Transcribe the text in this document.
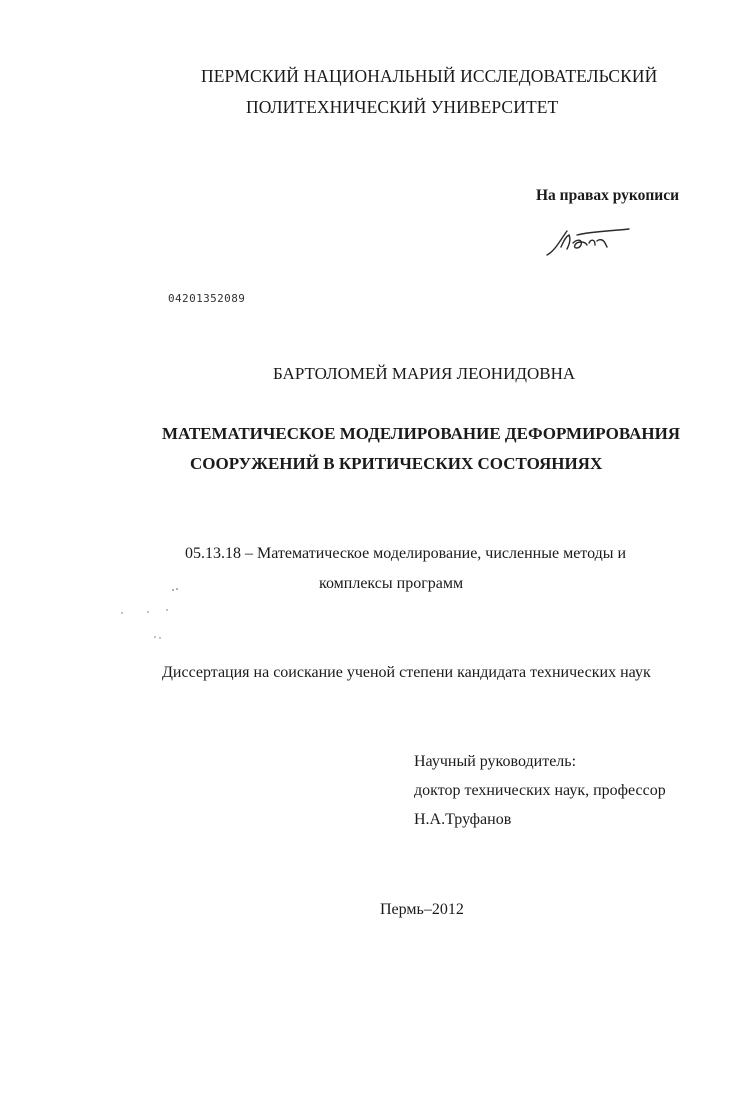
ПЕРМСКИЙ НАЦИОНАЛЬНЫЙ ИССЛЕДОВАТЕЛЬСКИЙ
ПОЛИТЕХНИЧЕСКИЙ УНИВЕРСИТЕТ
На правах рукописи
04201352089
БАРТОЛОМЕЙ МАРИЯ ЛЕОНИДОВНА
МАТЕМАТИЧЕСКОЕ МОДЕЛИРОВАНИЕ ДЕФОРМИРОВАНИЯ
СООРУЖЕНИЙ В КРИТИЧЕСКИХ СОСТОЯНИЯХ
05.13.18 – Математическое моделирование, численные методы и
комплексы программ
Диссертация на соискание ученой степени кандидата технических наук
Научный руководитель:
доктор технических наук, профессор
Н.А.Труфанов
Пермь–2012
